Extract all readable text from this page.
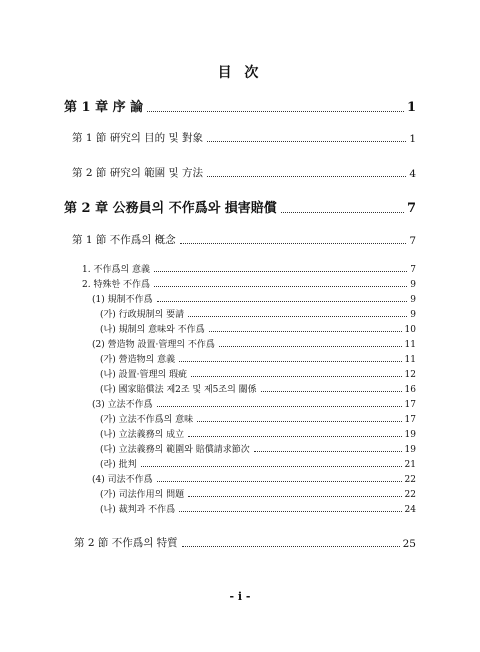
目 次
第 1 章 序 論	1
第 1 節 硏究의 目的 및 對象	1
第 2 節 硏究의 範圍 및 方法	4
第 2 章 公務員의 不作爲와 損害賠償	7
第 1 節 不作爲의 槪念	7
1. 不作爲의 意義	7
2. 特殊한 不作爲	9
(1) 規制不作爲	9
(가) 行政規制의 要請	9
(나) 規制의 意味와 不作爲	10
(2) 營造物 設置·管理의 不作爲	11
(가) 營造物의 意義	11
(나) 設置·管理의 瑕疵	12
(다) 國家賠償法 제2조 및 제5조의 關係	16
(3) 立法不作爲	17
(가) 立法不作爲의 意味	17
(나) 立法義務의 成立	19
(다) 立法義務의 範圍와 賠償請求節次	19
(라) 批判	21
(4) 司法不作爲	22
(가) 司法作用의 問題	22
(나) 裁判과 不作爲	24
第 2 節 不作爲의 特質	25
- i -
